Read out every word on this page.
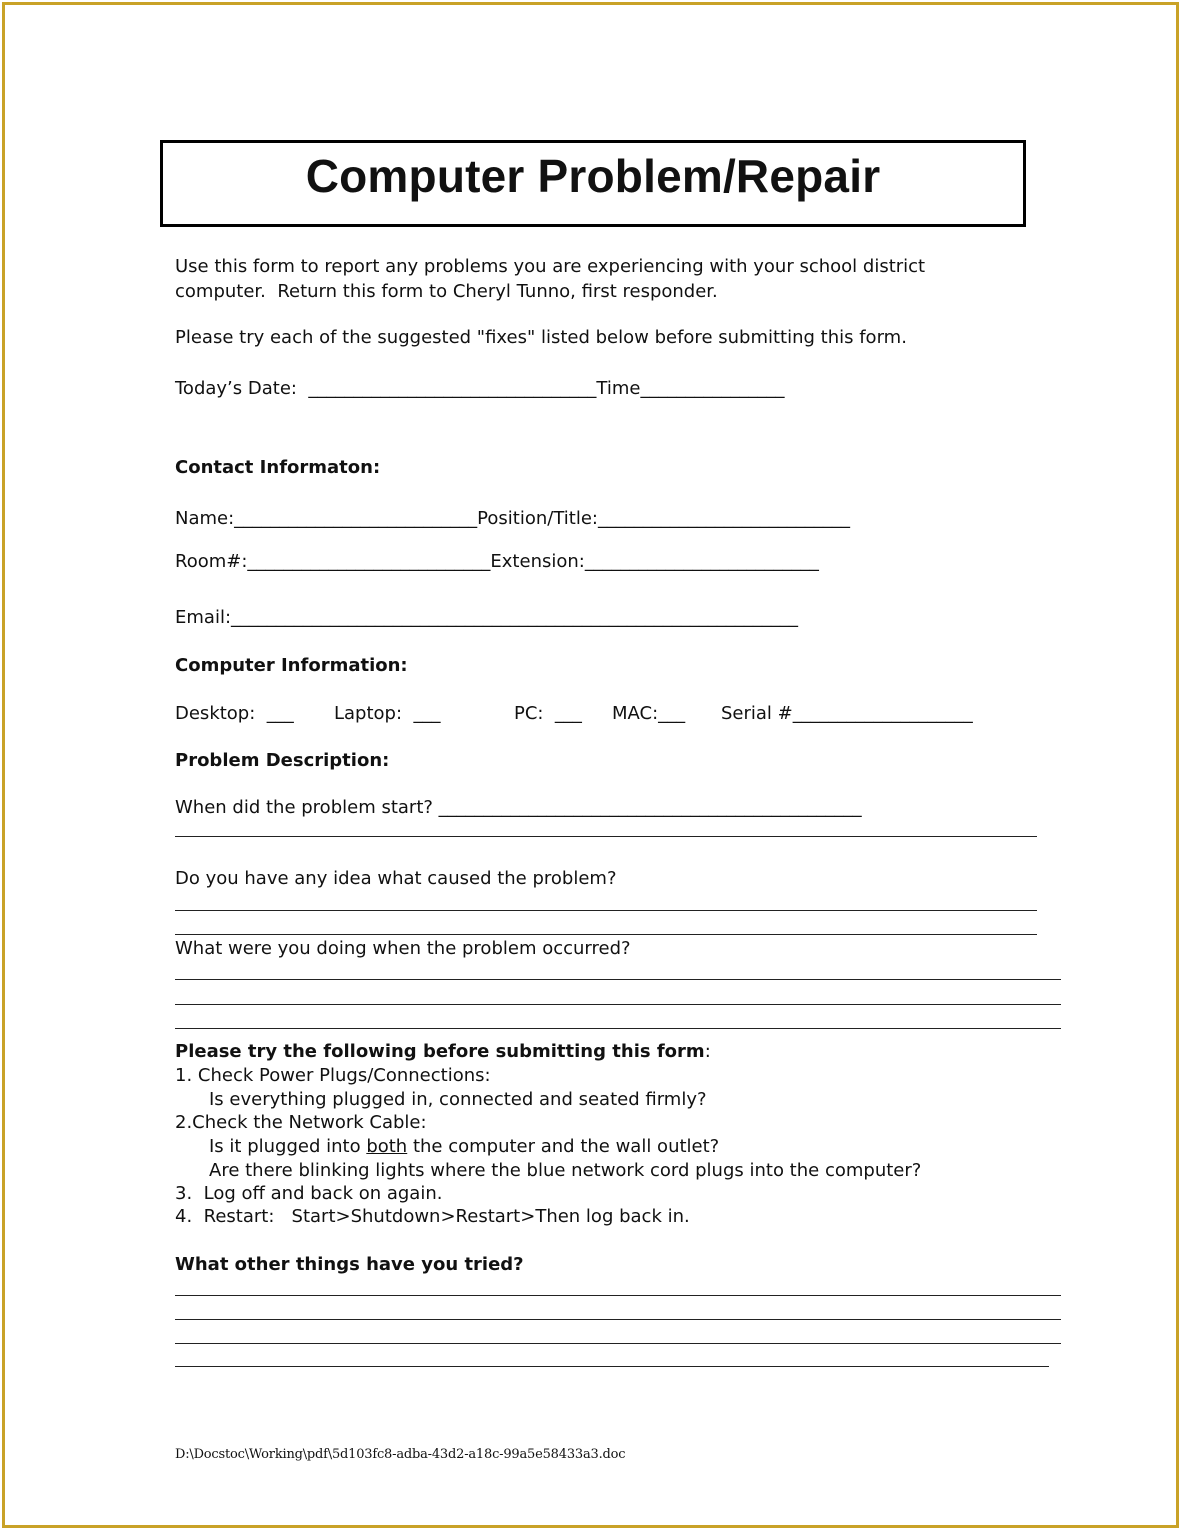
Computer Problem/Repair

Use this form to report any problems you are experiencing with your school district

computer.  Return this form to Cheryl Tunno, first responder.

Please try each of the suggested "fixes" listed below before submitting this form.

Today’s Date:  ________________________________Time________________

Contact Informaton:

Name:___________________________Position/Title:____________________________

Room#:___________________________Extension:__________________________

Email:_______________________________________________________________

Computer Information:

Desktop:  ___ Laptop:  ___	PC:  ___ MAC:___ Serial #____________________

Problem Description:

When did the problem start? _______________________________________________

Do you have any idea what caused the problem?

What were you doing when the problem occurred?

Please try the following before submitting this form:

1. Check Power Plugs/Connections:

Is everything plugged in, connected and seated firmly?

2.Check the Network Cable:

Is it plugged into both the computer and the wall outlet?

Are there blinking lights where the blue network cord plugs into the computer?

3.  Log off and back on again.

4.  Restart:   Start>Shutdown>Restart>Then log back in.

What other things have you tried?

D:\Docstoc\Working\pdf\5d103fc8-adba-43d2-a18c-99a5e58433a3.doc
